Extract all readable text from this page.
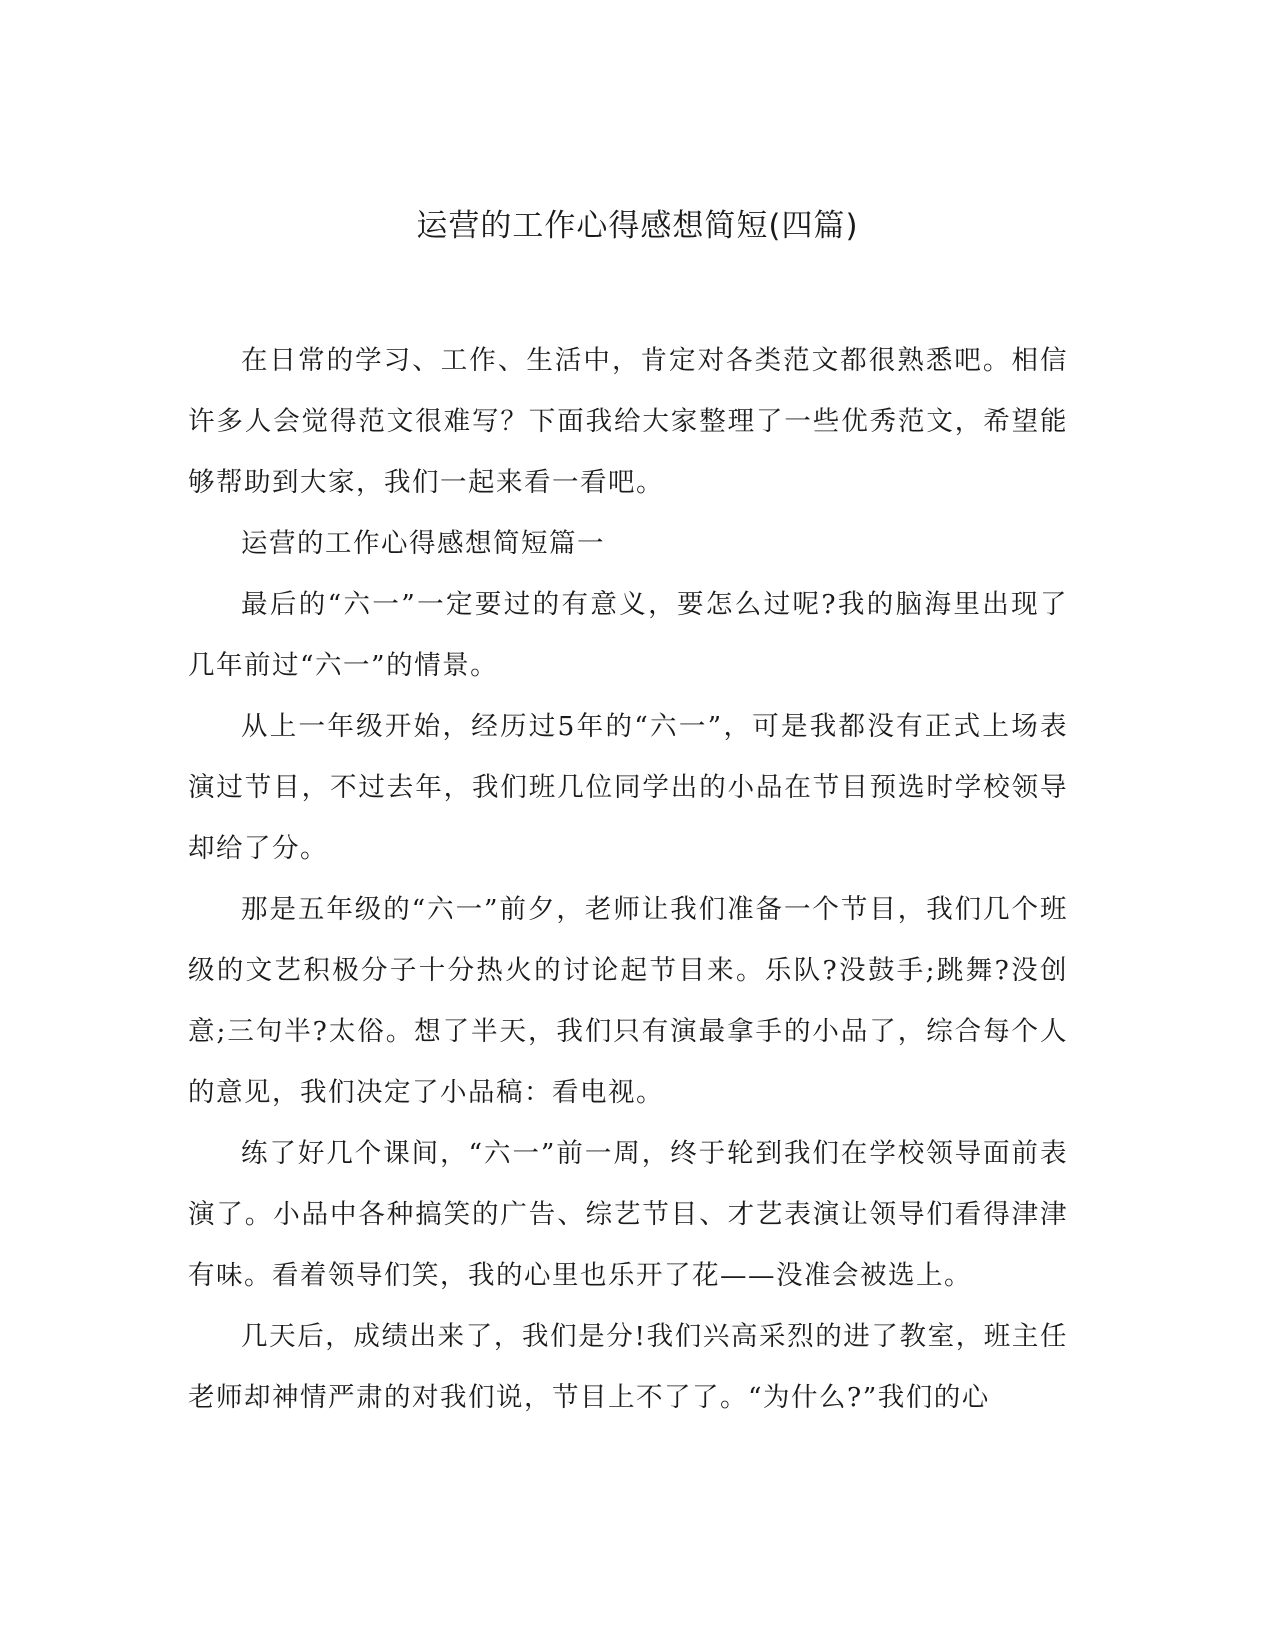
运营的工作心得感想简短(四篇)

在日常的学习、工作、生活中，肯定对各类范文都很熟悉吧。相信许多人会觉得范文很难写？下面我给大家整理了一些优秀范文，希望能够帮助到大家，我们一起来看一看吧。

运营的工作心得感想简短篇一

最后的“六一”一定要过的有意义，要怎么过呢?我的脑海里出现了几年前过“六一”的情景。

从上一年级开始，经历过5年的“六一”，可是我都没有正式上场表演过节目，不过去年，我们班几位同学出的小品在节目预选时学校领导却给了分。

那是五年级的“六一”前夕，老师让我们准备一个节目，我们几个班级的文艺积极分子十分热火的讨论起节目来。乐队?没鼓手;跳舞?没创意;三句半?太俗。想了半天，我们只有演最拿手的小品了，综合每个人的意见，我们决定了小品稿：看电视。

练了好几个课间，“六一”前一周，终于轮到我们在学校领导面前表演了。小品中各种搞笑的广告、综艺节目、才艺表演让领导们看得津津有味。看着领导们笑，我的心里也乐开了花——没准会被选上。

几天后，成绩出来了，我们是分!我们兴高采烈的进了教室，班主任老师却神情严肃的对我们说，节目上不了了。“为什么?”我们的心
